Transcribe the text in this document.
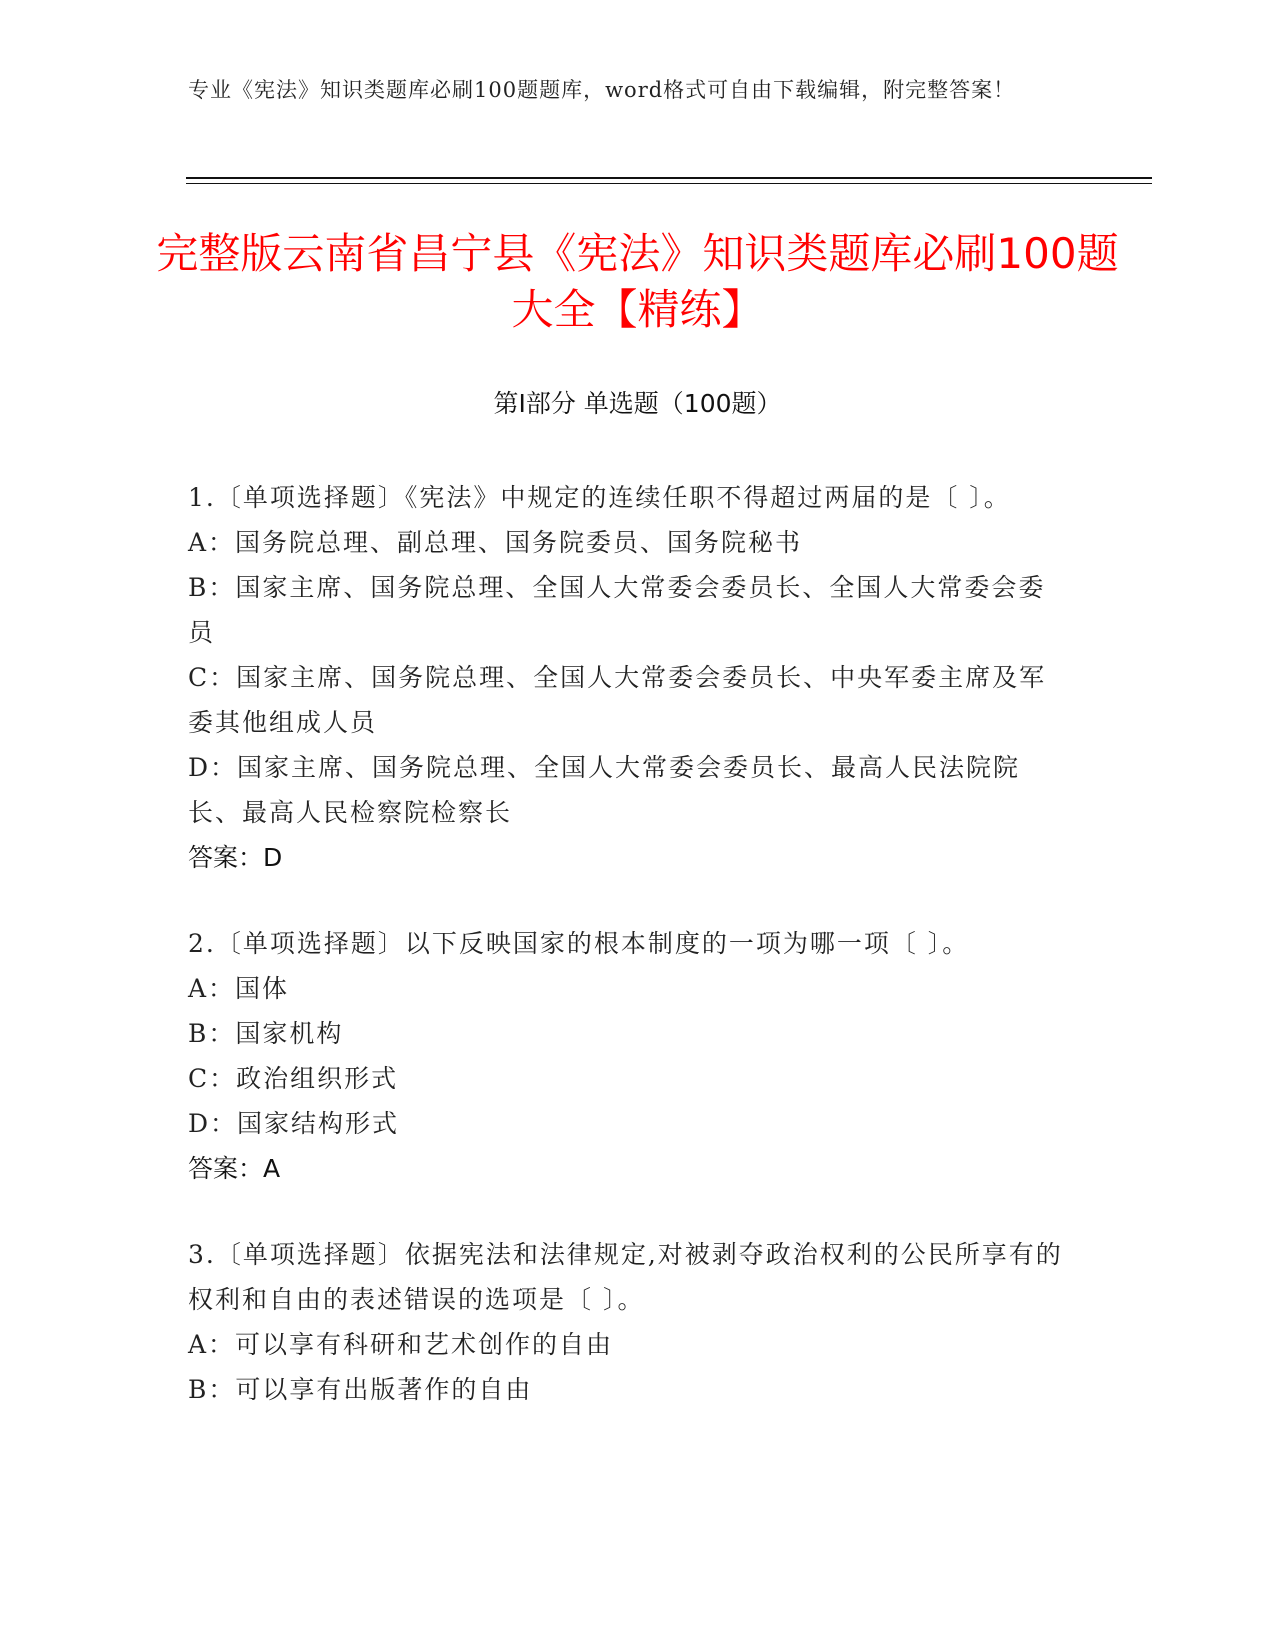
专业《宪法》知识类题库必刷100题题库，word格式可自由下载编辑，附完整答案！
完整版云南省昌宁县《宪法》知识类题库必刷100题大全【精练】
第Ⅰ部分 单选题（100题）
1.〔单项选择题〕《宪法》中规定的连续任职不得超过两届的是〔 〕。
A：国务院总理、副总理、国务院委员、国务院秘书
B：国家主席、国务院总理、全国人大常委会委员长、全国人大常委会委员
C：国家主席、国务院总理、全国人大常委会委员长、中央军委主席及军委其他组成人员
D：国家主席、国务院总理、全国人大常委会委员长、最高人民法院院长、最高人民检察院检察长
答案：D
2.〔单项选择题〕以下反映国家的根本制度的一项为哪一项〔 〕。
A：国体
B：国家机构
C：政治组织形式
D：国家结构形式
答案：A
3.〔单项选择题〕依据宪法和法律规定,对被剥夺政治权利的公民所享有的权利和自由的表述错误的选项是〔 〕。
A：可以享有科研和艺术创作的自由
B：可以享有出版著作的自由
